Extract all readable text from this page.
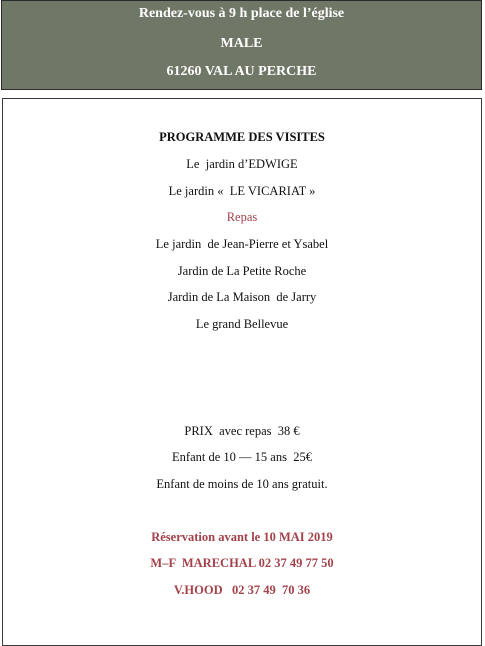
Rendez-vous à 9 h place de l’église
MALE
61260 VAL AU PERCHE
PROGRAMME DES VISITES
Le  jardin d’EDWIGE
Le jardin «  LE VICARIAT »
Repas
Le jardin  de Jean-Pierre et Ysabel
Jardin de La Petite Roche
Jardin de La Maison  de Jarry
Le grand Bellevue
PRIX  avec repas  38 €
Enfant de 10 — 15 ans  25€
Enfant de moins de 10 ans gratuit.
Réservation avant le 10 MAI 2019
M–F  MARECHAL 02 37 49 77 50
V.HOOD   02 37 49  70 36
